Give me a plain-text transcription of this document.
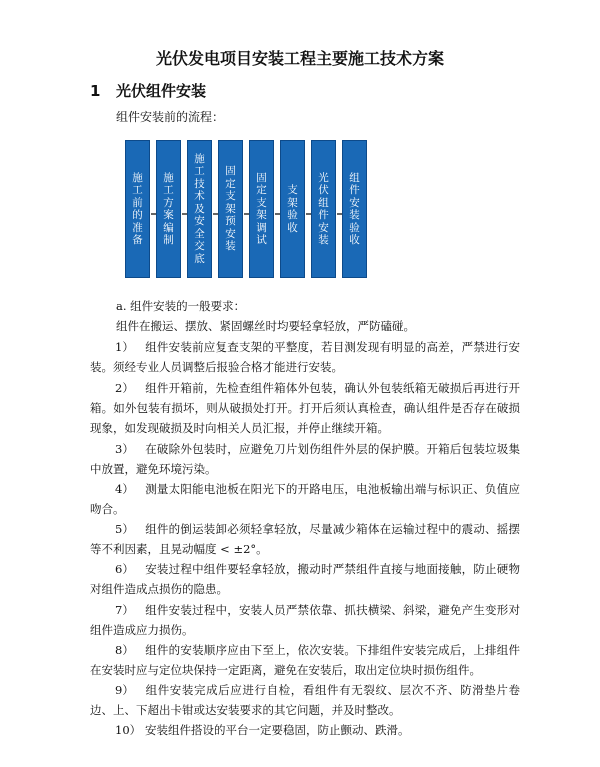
光伏发电项目安装工程主要施工技术方案
1 光伏组件安装
组件安装前的流程：
施工前的准备
施工方案编制
施工技术及安全交底
固定支架预安装
固定支架调试
支架验收
光伏组件安装
组件安装验收
a. 组件安装的一般要求：
组件在搬运、摆放、紧固螺丝时均要轻拿轻放，严防磕碰。
1） 组件安装前应复查支架的平整度，若目测发现有明显的高差，严禁进行安装。须经专业人员调整后报验合格才能进行安装。
2） 组件开箱前，先检查组件箱体外包装，确认外包装纸箱无破损后再进行开箱。如外包装有损坏，则从破损处打开。打开后须认真检查，确认组件是否存在破损现象，如发现破损及时向相关人员汇报，并停止继续开箱。
3） 在破除外包装时，应避免刀片划伤组件外层的保护膜。开箱后包装垃圾集中放置，避免环境污染。
4） 测量太阳能电池板在阳光下的开路电压，电池板输出端与标识正、负值应吻合。
5） 组件的倒运装卸必须轻拿轻放，尽量减少箱体在运输过程中的震动、摇摆等不利因素，且晃动幅度 < ±2°。
6） 安装过程中组件要轻拿轻放，搬动时严禁组件直接与地面接触，防止硬物对组件造成点损伤的隐患。
7） 组件安装过程中，安装人员严禁依靠、抓扶横梁、斜梁，避免产生变形对组件造成应力损伤。
8） 组件的安装顺序应由下至上，依次安装。下排组件安装完成后，上排组件在安装时应与定位块保持一定距离，避免在安装后，取出定位块时损伤组件。
9） 组件安装完成后应进行自检，看组件有无裂纹、层次不齐、防滑垫片卷边、上、下超出卡钳或达安装要求的其它问题，并及时整改。
10） 安装组件搭设的平台一定要稳固，防止颤动、跌滑。
